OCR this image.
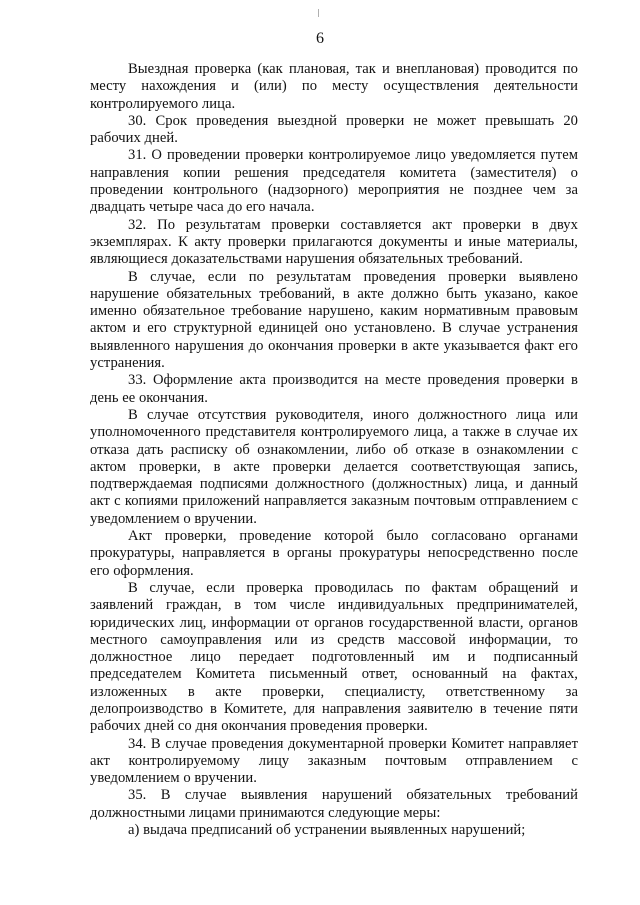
6

Выездная проверка (как плановая, так и внеплановая) проводится по месту нахождения и (или) по месту осуществления деятельности контролируемого лица.

30. Срок проведения выездной проверки не может превышать 20 рабочих дней.

31. О проведении проверки контролируемое лицо уведомляется путем направления копии решения председателя комитета (заместителя) о проведении контрольного (надзорного) мероприятия не позднее чем за двадцать четыре часа до его начала.

32. По результатам проверки составляется акт проверки в двух экземплярах. К акту проверки прилагаются документы и иные материалы, являющиеся доказательствами нарушения обязательных требований.

В случае, если по результатам проведения проверки выявлено нарушение обязательных требований, в акте должно быть указано, какое именно обязательное требование нарушено, каким нормативным правовым актом и его структурной единицей оно установлено. В случае устранения выявленного нарушения до окончания проверки в акте указывается факт его устранения.

33. Оформление акта производится на месте проведения проверки в день ее окончания.

В случае отсутствия руководителя, иного должностного лица или уполномоченного представителя контролируемого лица, а также в случае их отказа дать расписку об ознакомлении, либо об отказе в ознакомлении с актом проверки, в акте проверки делается соответствующая запись, подтверждаемая подписями должностного (должностных) лица, и данный акт с копиями приложений направляется заказным почтовым отправлением с уведомлением о вручении.

Акт проверки, проведение которой было согласовано органами прокуратуры, направляется в органы прокуратуры непосредственно после его оформления.

В случае, если проверка проводилась по фактам обращений и заявлений граждан, в том числе индивидуальных предпринимателей, юридических лиц, информации от органов государственной власти, органов местного самоуправления или из средств массовой информации, то должностное лицо передает подготовленный им и подписанный председателем Комитета письменный ответ, основанный на фактах, изложенных в акте проверки, специалисту, ответственному за делопроизводство в Комитете, для направления заявителю в течение пяти рабочих дней со дня окончания проведения проверки.

34. В случае проведения документарной проверки Комитет направляет акт контролируемому лицу заказным почтовым отправлением с уведомлением о вручении.

35. В случае выявления нарушений обязательных требований должностными лицами принимаются следующие меры:

а) выдача предписаний об устранении выявленных нарушений;
